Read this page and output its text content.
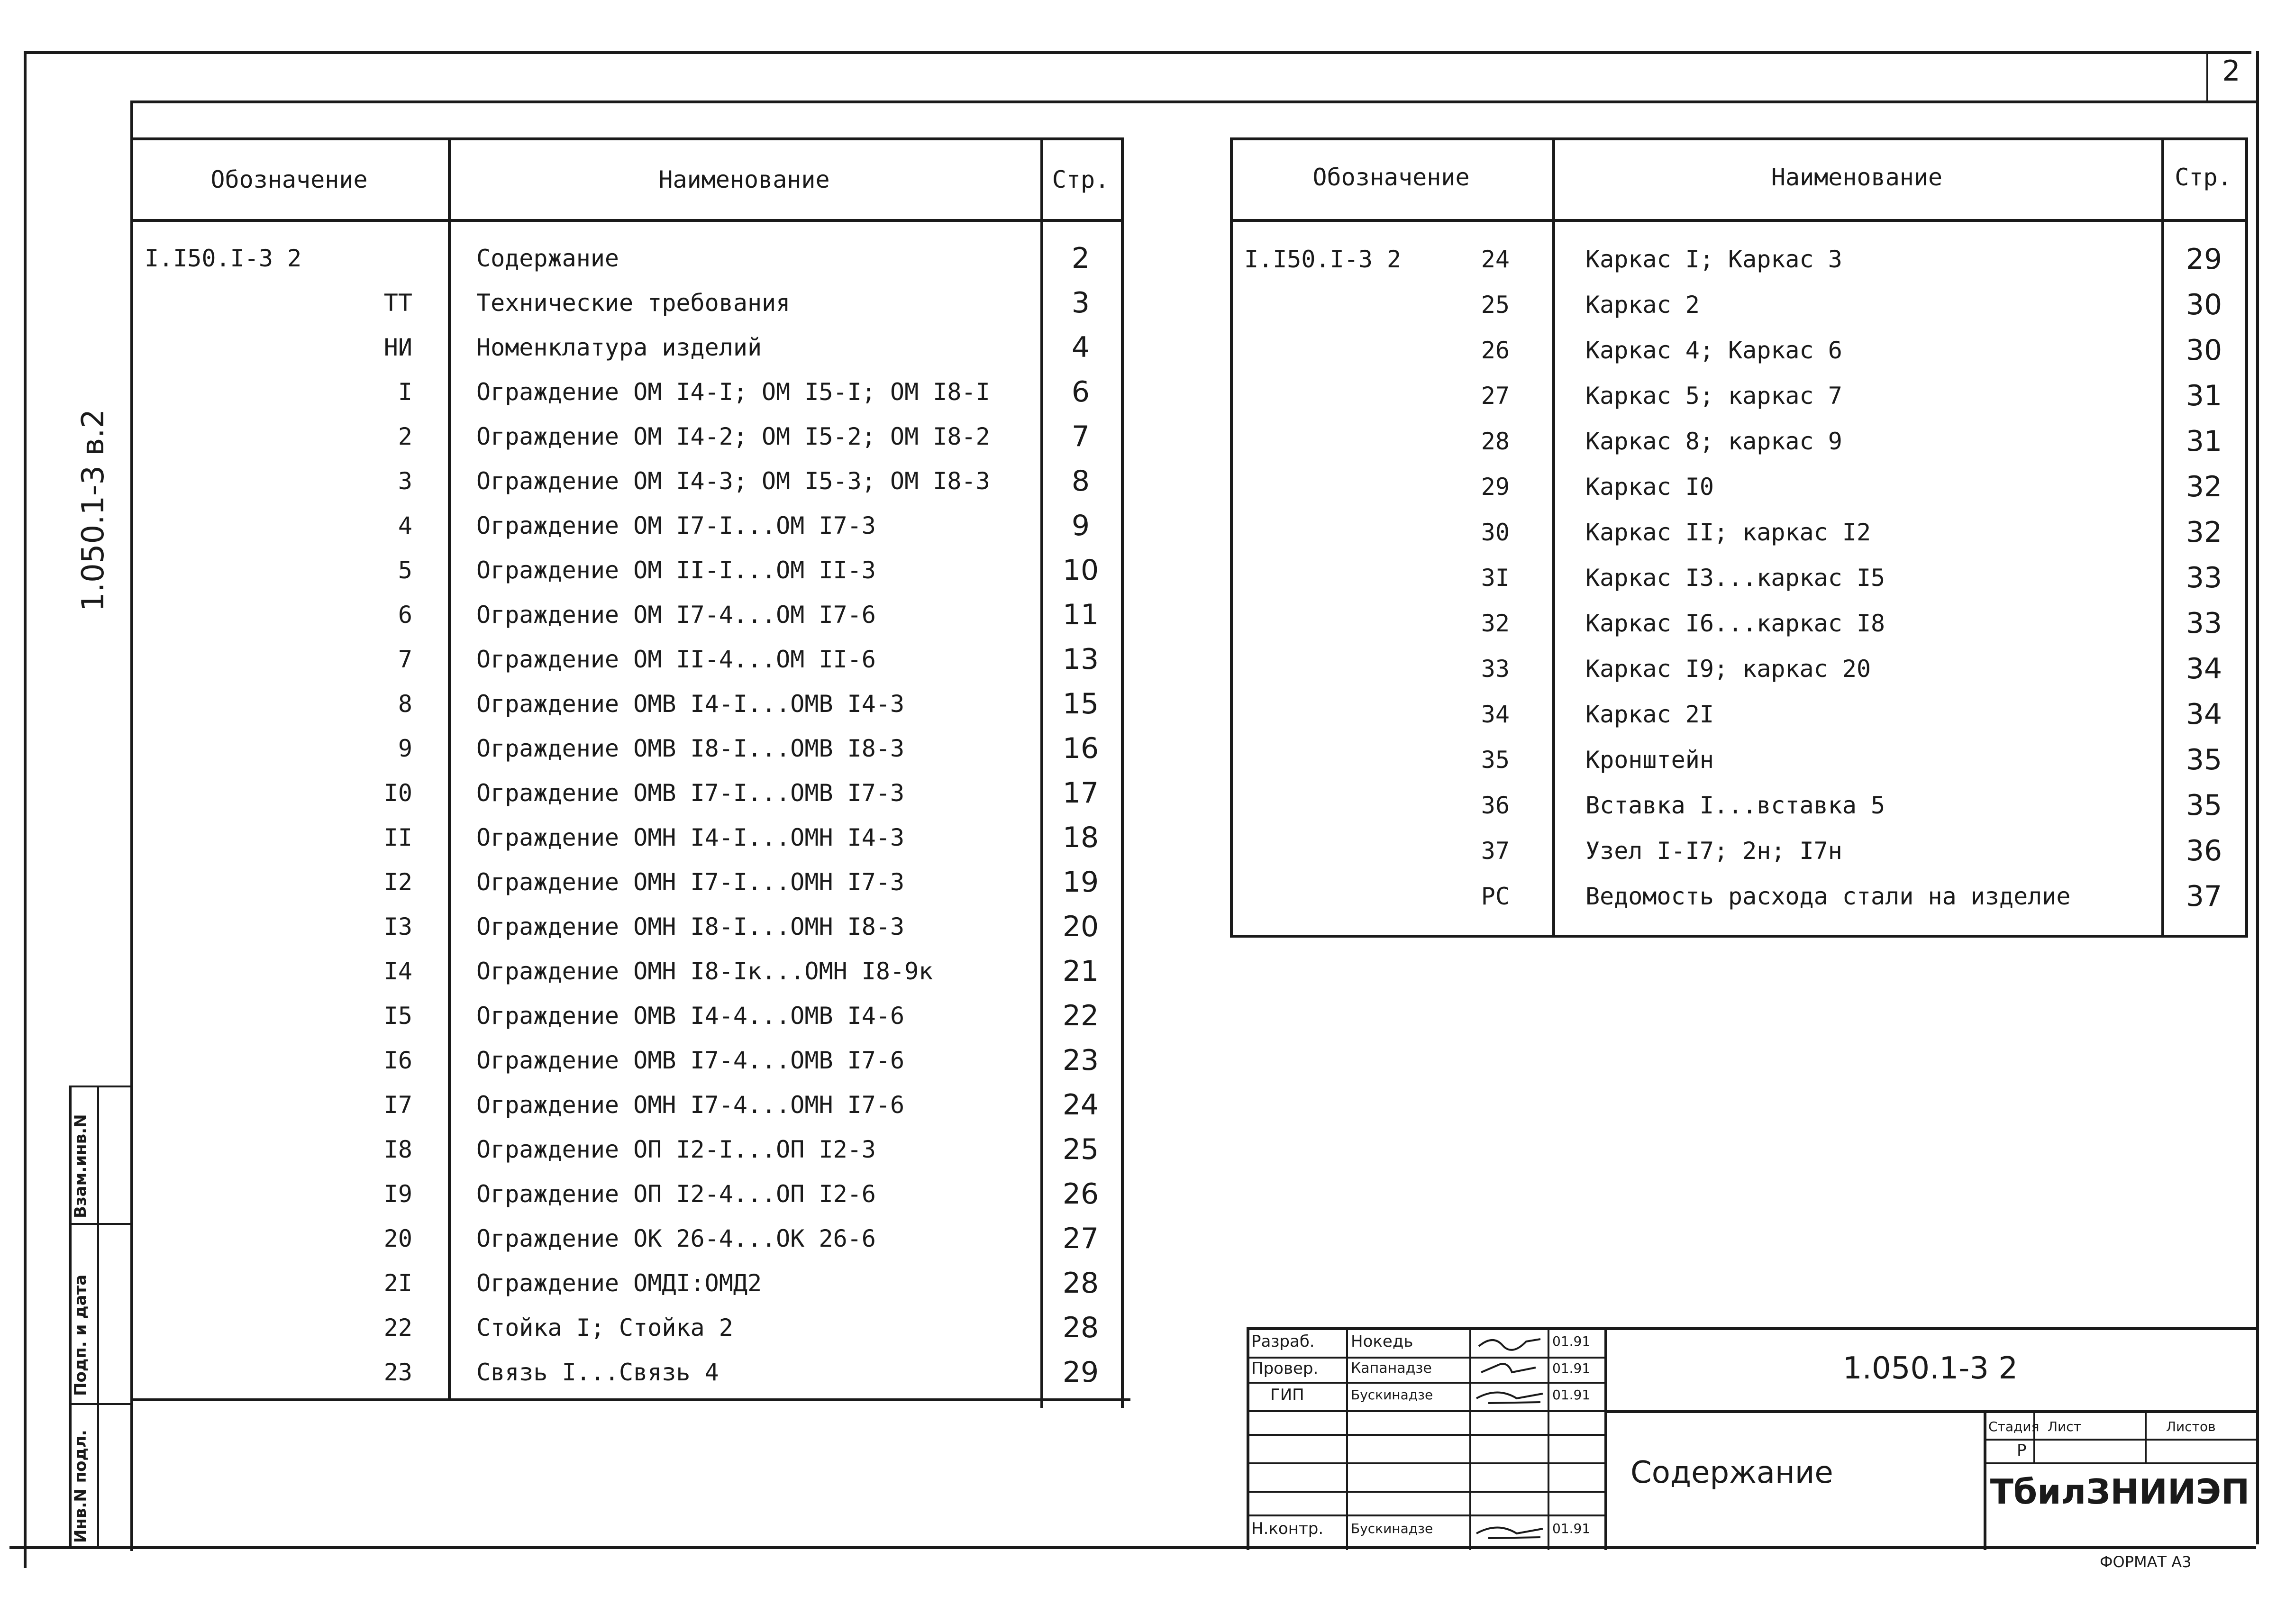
2
1.050.1-3 в.2
Инв.N подл.
Подп. и дата
Взам.инв.N
Обозначение	Наименование	Стр.
I.I50.I-3 2	Содержание	2
ТТ	Технические требования	3
НИ	Номенклатура изделий	4
I	Ограждение ОМ I4-I; ОМ I5-I; ОМ I8-I	6
2	Ограждение ОМ I4-2; ОМ I5-2; ОМ I8-2	7
3	Ограждение ОМ I4-3; ОМ I5-3; ОМ I8-3	8
4	Ограждение ОМ I7-I...ОМ I7-3	9
5	Ограждение ОМ II-I...ОМ II-3	10
6	Ограждение ОМ I7-4...ОМ I7-6	11
7	Ограждение ОМ II-4...ОМ II-6	13
8	Ограждение ОМВ I4-I...ОМВ I4-3	15
9	Ограждение ОМВ I8-I...ОМВ I8-3	16
I0	Ограждение ОМВ I7-I...ОМВ I7-3	17
II	Ограждение ОМН I4-I...ОМН I4-3	18
I2	Ограждение ОМН I7-I...ОМН I7-3	19
I3	Ограждение ОМН I8-I...ОМН I8-3	20
I4	Ограждение ОМН I8-Iк...ОМН I8-9к	21
I5	Ограждение ОМВ I4-4...ОМВ I4-6	22
I6	Ограждение ОМВ I7-4...ОМВ I7-6	23
I7	Ограждение ОМН I7-4...ОМН I7-6	24
I8	Ограждение ОП I2-I...ОП I2-3	25
I9	Ограждение ОП I2-4...ОП I2-6	26
20	Ограждение ОК 26-4...ОК 26-6	27
2I	Ограждение ОМДI:ОМД2	28
22	Стойка I; Стойка 2	28
23	Связь I...Связь 4	29
Обозначение	Наименование	Стр.
I.I50.I-3 2	24	Каркас I; Каркас 3	29
25	Каркас 2	30
26	Каркас 4; Каркас 6	30
27	Каркас 5; каркас 7	31
28	Каркас 8; каркас 9	31
29	Каркас I0	32
30	Каркас II; каркас I2	32
3I	Каркас I3...каркас I5	33
32	Каркас I6...каркас I8	33
33	Каркас I9; каркас 20	34
34	Каркас 2I	34
35	Кронштейн	35
36	Вставка I...вставка 5	35
37	Узел I-I7; 2н; I7н	36
РС	Ведомость расхода стали на изделие	37
Разраб. Нокедь	01.91
Провер. Капанадзе	01.91
ГИП	Бускинадзе	01.91
Н.контр. Бускинадзе	01.91
1.050.1-3 2
Содержание
Стадия Лист	Листов
Р
ТбилЗНИИЭП
ФОРМАТ А3
